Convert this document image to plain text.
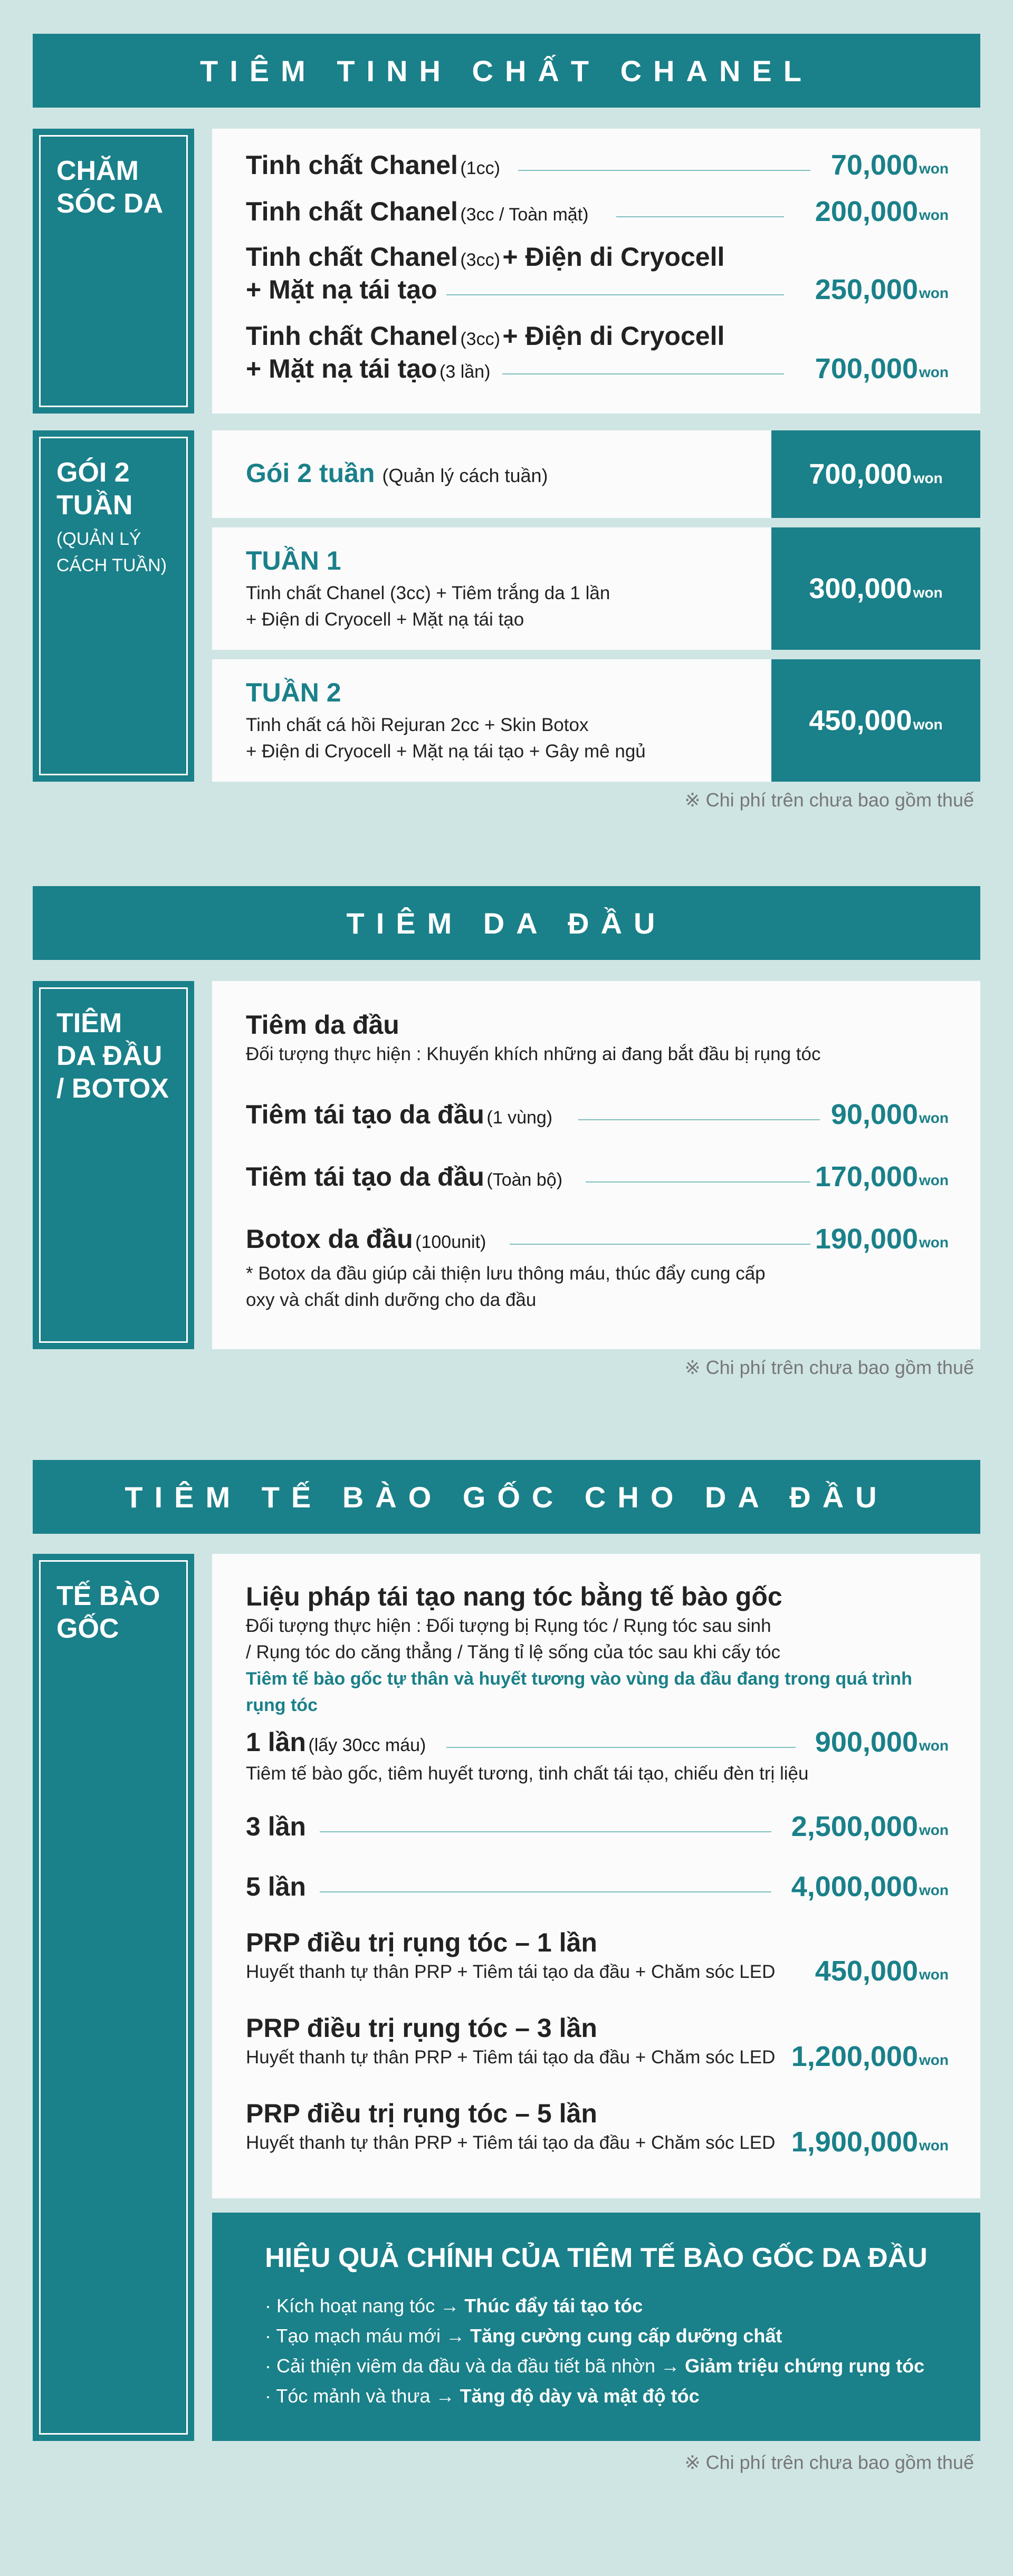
TIÊM TINH CHẤT CHANEL
CHĂM
SÓC DA
Tinh chất Chanel (1cc)	70,000 won
Tinh chất Chanel (3cc / Toàn mặt)	200,000 won
Tinh chất Chanel (3cc) + Điện di Cryocell
+ Mặt nạ tái tạo	250,000 won
Tinh chất Chanel (3cc) + Điện di Cryocell
+ Mặt nạ tái tạo (3 lần)	700,000 won
GÓI 2
TUẦN
(QUẢN LÝ
CÁCH TUẦN)
Gói 2 tuần (Quản lý cách tuần)	700,000 won
TUẦN 1
Tinh chất Chanel (3cc) + Tiêm trắng da 1 lần
+ Điện di Cryocell + Mặt nạ tái tạo
300,000 won
TUẦN 2
Tinh chất cá hồi Rejuran 2cc + Skin Botox
+ Điện di Cryocell + Mặt nạ tái tạo + Gây mê ngủ
450,000 won
※ Chi phí trên chưa bao gồm thuế
TIÊM DA ĐẦU
TIÊM
DA ĐẦU
/ BOTOX
Tiêm da đầu
Đối tượng thực hiện : Khuyến khích những ai đang bắt đầu bị rụng tóc
Tiêm tái tạo da đầu (1 vùng)	90,000 won
Tiêm tái tạo da đầu (Toàn bộ)	170,000 won
Botox da đầu (100unit)	190,000 won
* Botox da đầu giúp cải thiện lưu thông máu, thúc đẩy cung cấp
oxy và chất dinh dưỡng cho da đầu
※ Chi phí trên chưa bao gồm thuế
TIÊM TẾ BÀO GỐC CHO DA ĐẦU
TẾ BÀO
GỐC
Liệu pháp tái tạo nang tóc bằng tế bào gốc
Đối tượng thực hiện : Đối tượng bị Rụng tóc / Rụng tóc sau sinh
/ Rụng tóc do căng thẳng / Tăng tỉ lệ sống của tóc sau khi cấy tóc
Tiêm tế bào gốc tự thân và huyết tương vào vùng da đầu đang trong quá trình rụng tóc
1 lần (lấy 30cc máu)	900,000 won
Tiêm tế bào gốc, tiêm huyết tương, tinh chất tái tạo, chiếu đèn trị liệu
3 lần	2,500,000 won
5 lần	4,000,000 won
PRP điều trị rụng tóc – 1 lần
Huyết thanh tự thân PRP + Tiêm tái tạo da đầu + Chăm sóc LED	450,000 won
PRP điều trị rụng tóc – 3 lần
Huyết thanh tự thân PRP + Tiêm tái tạo da đầu + Chăm sóc LED 1,200,000 won
PRP điều trị rụng tóc – 5 lần
Huyết thanh tự thân PRP + Tiêm tái tạo da đầu + Chăm sóc LED 1,900,000 won
HIỆU QUẢ CHÍNH CỦA TIÊM TẾ BÀO GỐC DA ĐẦU
· Kích hoạt nang tóc → Thúc đẩy tái tạo tóc
· Tạo mạch máu mới → Tăng cường cung cấp dưỡng chất
· Cải thiện viêm da đầu và da đầu tiết bã nhờn → Giảm triệu chứng rụng tóc
· Tóc mảnh và thưa → Tăng độ dày và mật độ tóc
※ Chi phí trên chưa bao gồm thuế
